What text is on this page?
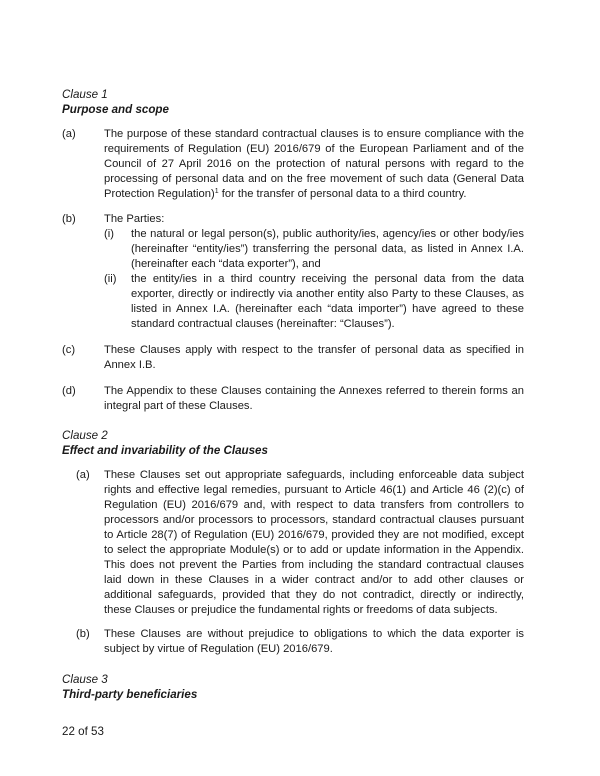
Clause 1
Purpose and scope
(a)	The purpose of these standard contractual clauses is to ensure compliance with the requirements of Regulation (EU) 2016/679 of the European Parliament and of the Council of 27 April 2016 on the protection of natural persons with regard to the processing of personal data and on the free movement of such data (General Data Protection Regulation)$^1$ for the transfer of personal data to a third country.
(b)	The Parties:
(i) the natural or legal person(s), public authority/ies, agency/ies or other body/ies (hereinafter “entity/ies”) transferring the personal data, as listed in Annex I.A. (hereinafter each “data exporter”), and
(ii) the entity/ies in a third country receiving the personal data from the data exporter, directly or indirectly via another entity also Party to these Clauses, as listed in Annex I.A. (hereinafter each “data importer”) have agreed to these standard contractual clauses (hereinafter: “Clauses”).
(c)	These Clauses apply with respect to the transfer of personal data as specified in Annex I.B.
(d)	The Appendix to these Clauses containing the Annexes referred to therein forms an integral part of these Clauses.
Clause 2
Effect and invariability of the Clauses
(a) These Clauses set out appropriate safeguards, including enforceable data subject rights and effective legal remedies, pursuant to Article 46(1) and Article 46 (2)(c) of Regulation (EU) 2016/679 and, with respect to data transfers from controllers to processors and/or processors to processors, standard contractual clauses pursuant to Article 28(7) of Regulation (EU) 2016/679, provided they are not modified, except to select the appropriate Module(s) or to add or update information in the Appendix. This does not prevent the Parties from including the standard contractual clauses laid down in these Clauses in a wider contract and/or to add other clauses or additional safeguards, provided that they do not contradict, directly or indirectly, these Clauses or prejudice the fundamental rights or freedoms of data subjects.
(b) These Clauses are without prejudice to obligations to which the data exporter is subject by virtue of Regulation (EU) 2016/679.
Clause 3
Third-party beneficiaries
22 of 53
